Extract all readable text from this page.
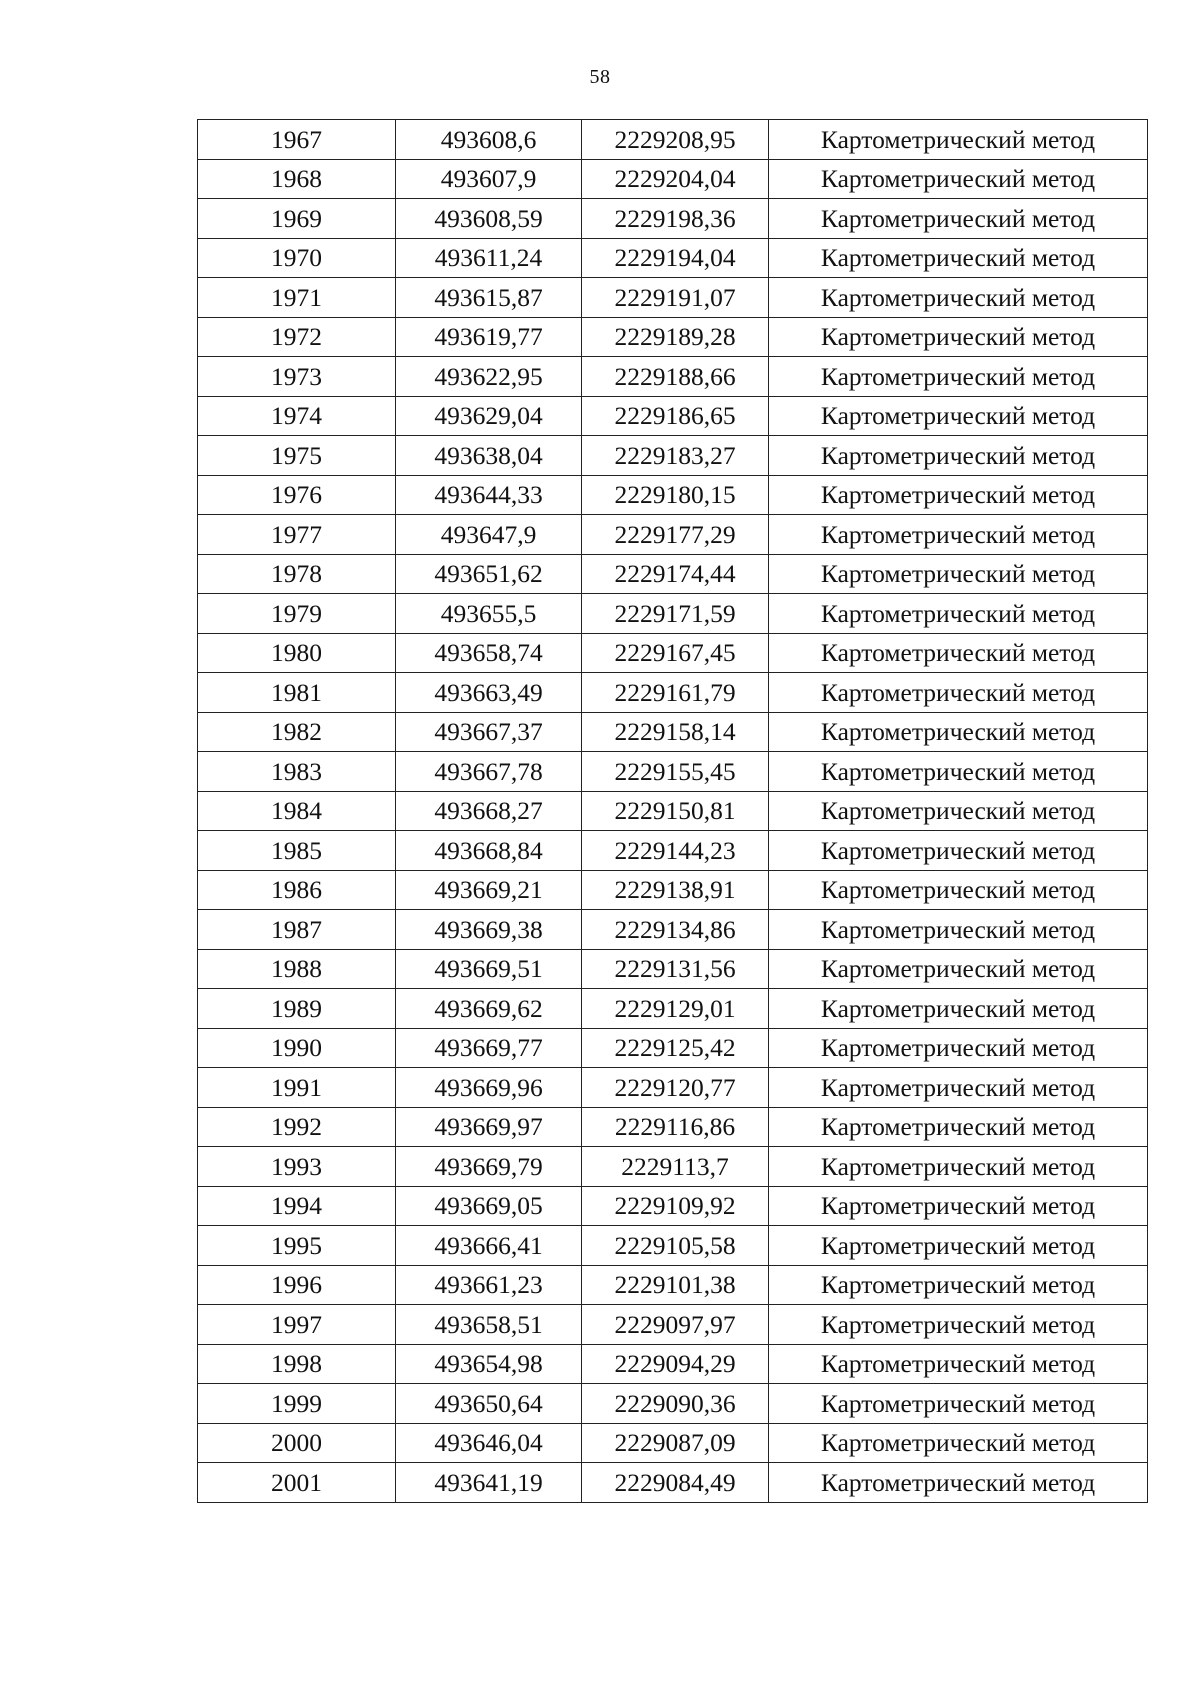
58
1967	493608,6	2229208,95	Картометрический метод
1968	493607,9	2229204,04	Картометрический метод
1969	493608,59	2229198,36	Картометрический метод
1970	493611,24	2229194,04	Картометрический метод
1971	493615,87	2229191,07	Картометрический метод
1972	493619,77	2229189,28	Картометрический метод
1973	493622,95	2229188,66	Картометрический метод
1974	493629,04	2229186,65	Картометрический метод
1975	493638,04	2229183,27	Картометрический метод
1976	493644,33	2229180,15	Картометрический метод
1977	493647,9	2229177,29	Картометрический метод
1978	493651,62	2229174,44	Картометрический метод
1979	493655,5	2229171,59	Картометрический метод
1980	493658,74	2229167,45	Картометрический метод
1981	493663,49	2229161,79	Картометрический метод
1982	493667,37	2229158,14	Картометрический метод
1983	493667,78	2229155,45	Картометрический метод
1984	493668,27	2229150,81	Картометрический метод
1985	493668,84	2229144,23	Картометрический метод
1986	493669,21	2229138,91	Картометрический метод
1987	493669,38	2229134,86	Картометрический метод
1988	493669,51	2229131,56	Картометрический метод
1989	493669,62	2229129,01	Картометрический метод
1990	493669,77	2229125,42	Картометрический метод
1991	493669,96	2229120,77	Картометрический метод
1992	493669,97	2229116,86	Картометрический метод
1993	493669,79	2229113,7	Картометрический метод
1994	493669,05	2229109,92	Картометрический метод
1995	493666,41	2229105,58	Картометрический метод
1996	493661,23	2229101,38	Картометрический метод
1997	493658,51	2229097,97	Картометрический метод
1998	493654,98	2229094,29	Картометрический метод
1999	493650,64	2229090,36	Картометрический метод
2000	493646,04	2229087,09	Картометрический метод
2001	493641,19	2229084,49	Картометрический метод
